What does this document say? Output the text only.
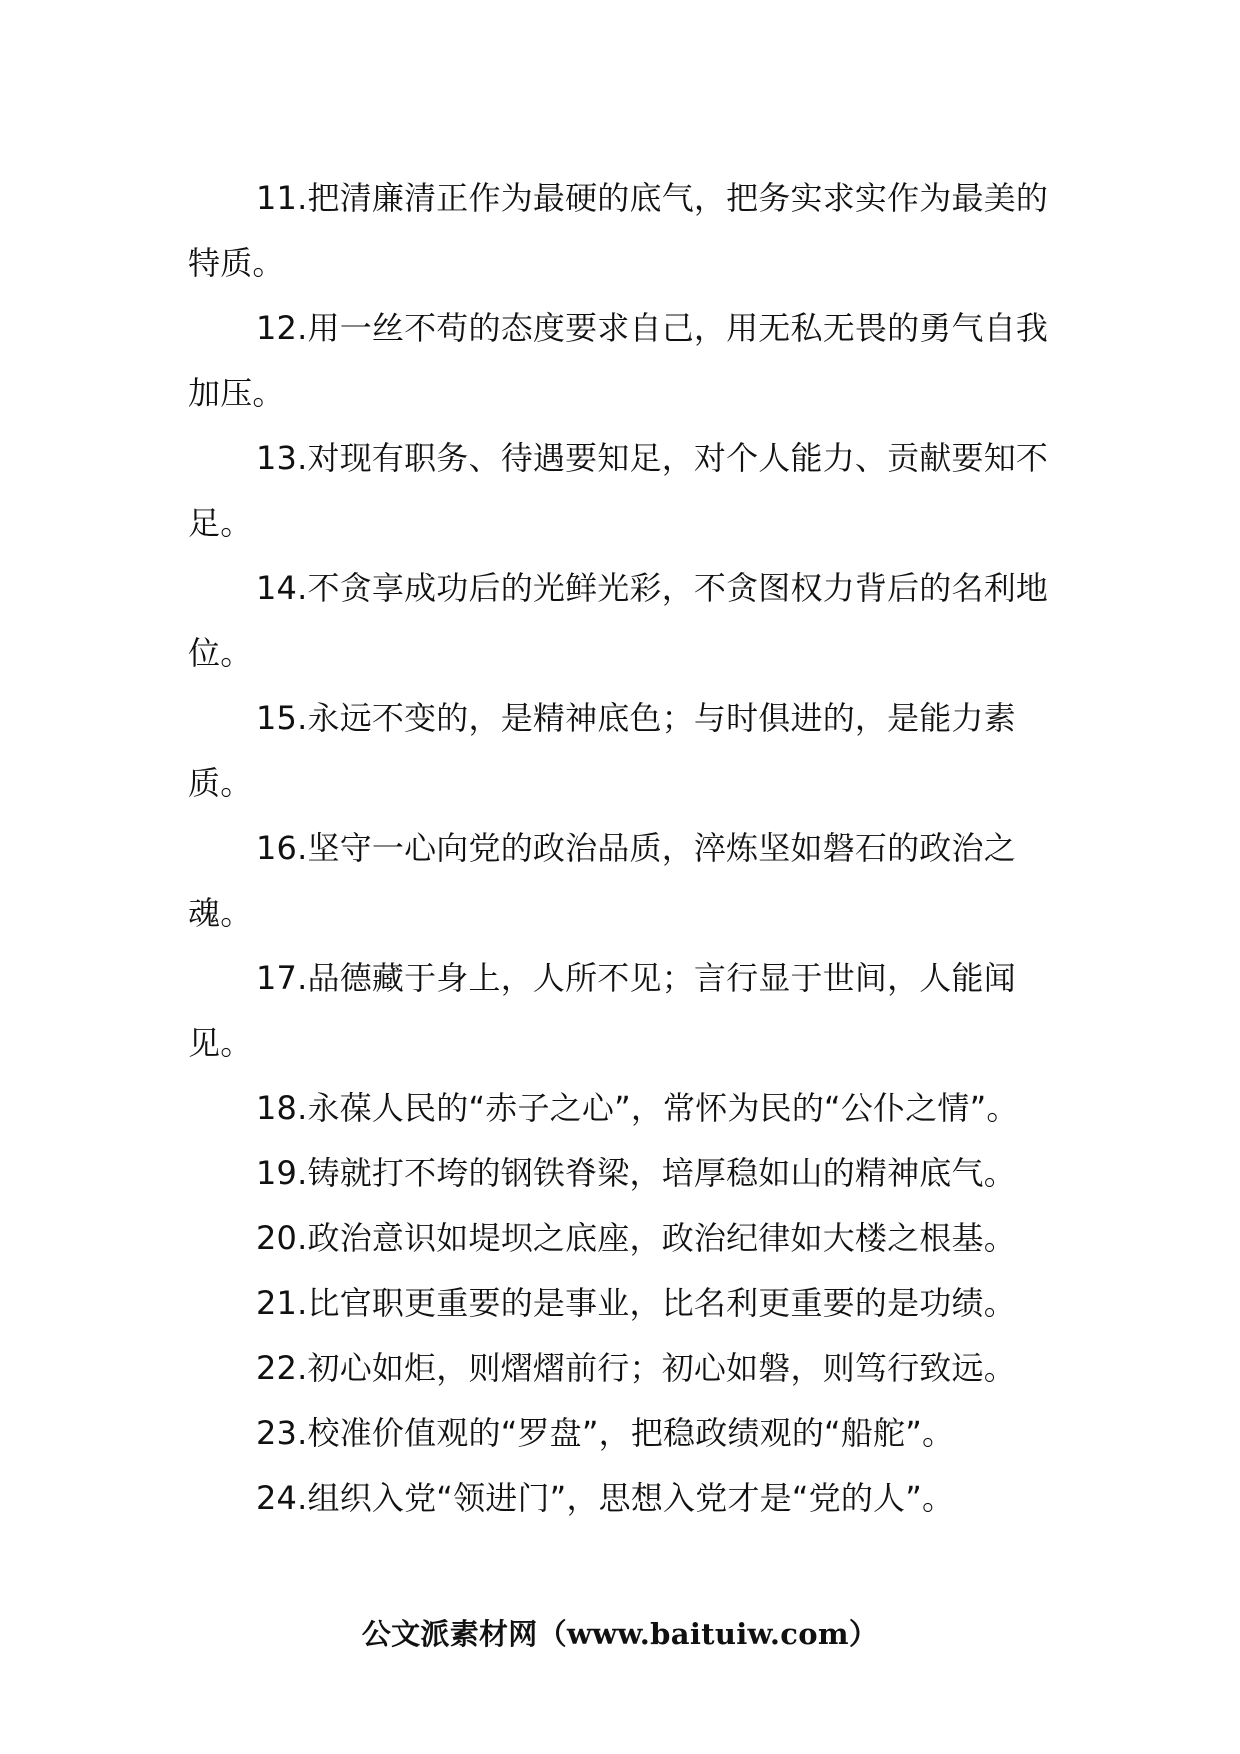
11.把清廉清正作为最硬的底气，把务实求实作为最美的特质。

12.用一丝不苟的态度要求自己，用无私无畏的勇气自我加压。

13.对现有职务、待遇要知足，对个人能力、贡献要知不足。

14.不贪享成功后的光鲜光彩，不贪图权力背后的名利地位。

15.永远不变的，是精神底色；与时俱进的，是能力素质。

16.坚守一心向党的政治品质，淬炼坚如磐石的政治之魂。

17.品德藏于身上，人所不见；言行显于世间，人能闻见。

18.永葆人民的“赤子之心”，常怀为民的“公仆之情”。

19.铸就打不垮的钢铁脊梁，培厚稳如山的精神底气。

20.政治意识如堤坝之底座，政治纪律如大楼之根基。

21.比官职更重要的是事业，比名利更重要的是功绩。

22.初心如炬，则熠熠前行；初心如磐，则笃行致远。

23.校准价值观的“罗盘”，把稳政绩观的“船舵”。

24.组织入党“领进门”，思想入党才是“党的人”。

公文派素材网（www.baituiw.com）
